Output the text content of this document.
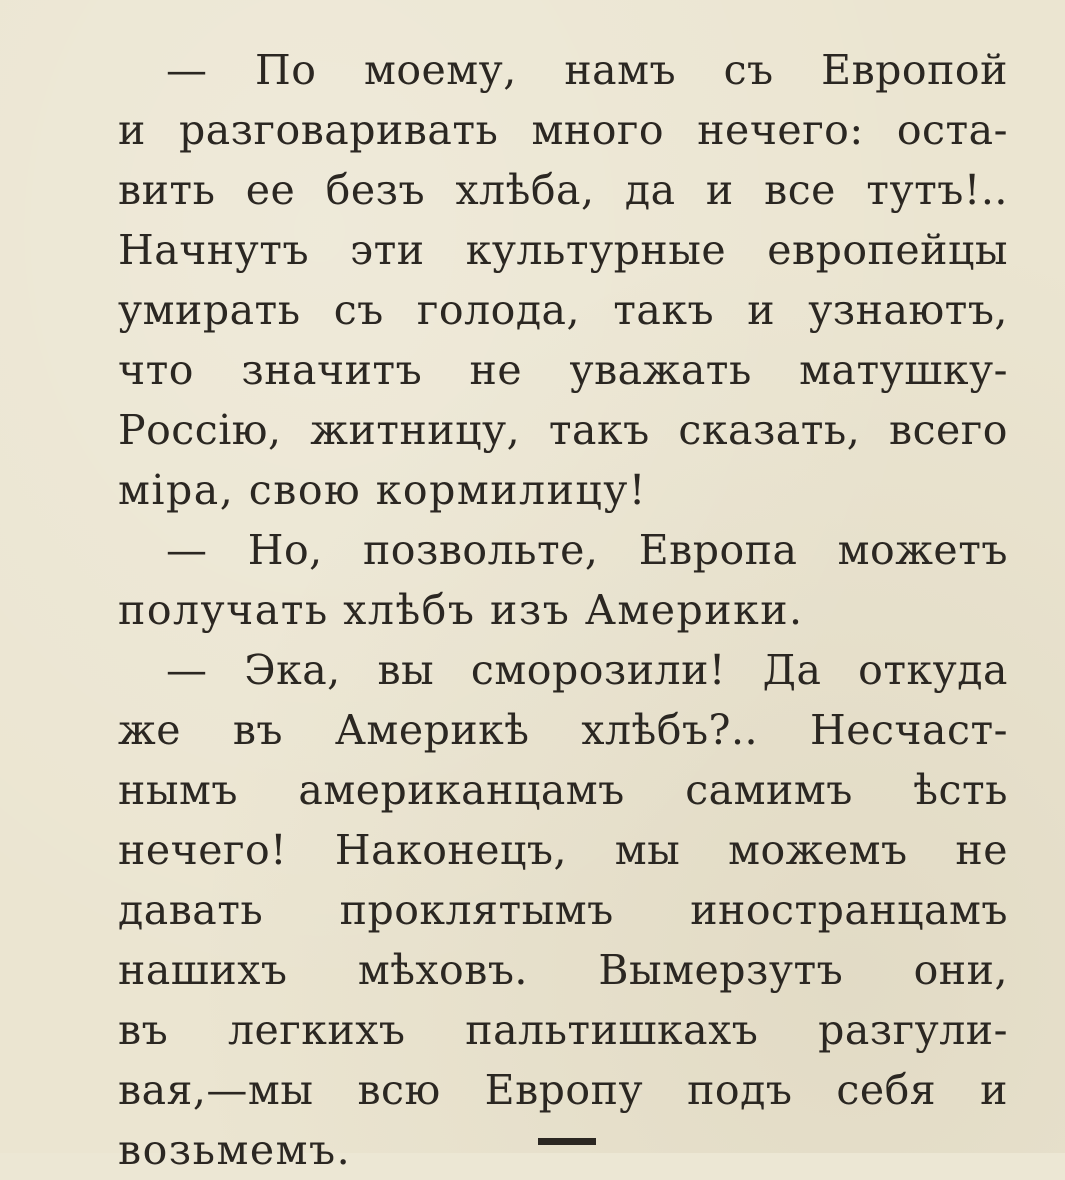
— По моему, намъ съ Европой
и разговаривать много нечего: оста-
вить ее безъ хлѣба, да и все тутъ!..
Начнутъ эти культурные европейцы
умирать съ голода, такъ и узнаютъ,
что значитъ не уважать матушку-
Россію, житницу, такъ сказать, всего
міра,
свою
кормилицу!

— Но, позвольте, Европа можетъ
получать
хлѣбъ
изъ
Америки.

— Эка, вы сморозили! Да откуда
же въ Америкѣ хлѣбъ?.. Несчаст-
нымъ американцамъ самимъ ѣсть
нечего! Наконецъ, мы можемъ не
давать проклятымъ иностранцамъ
нашихъ мѣховъ. Вымерзутъ они,
въ легкихъ пальтишкахъ разгули-
вая,—мы всю Европу подъ себя и
возьмемъ.
